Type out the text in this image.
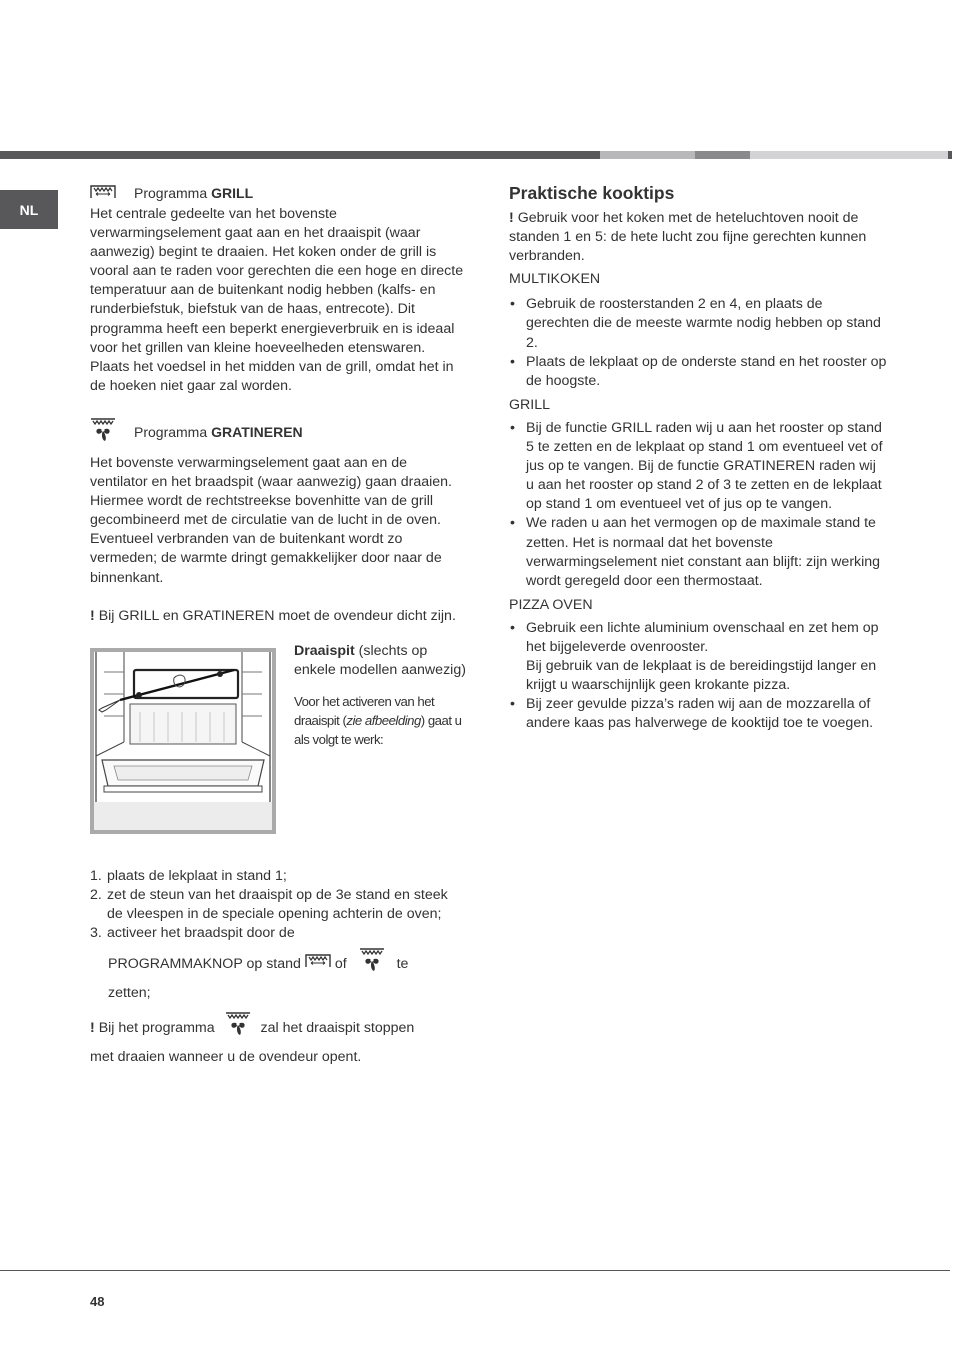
NL
Programma GRILL

Het centrale gedeelte van het bovenste verwarmingselement gaat aan en het draaispit (waar aanwezig) begint te draaien. Het koken onder de grill is vooral aan te raden voor gerechten die een hoge en directe temperatuur aan de buitenkant nodig hebben (kalfs- en runderbiefstuk, biefstuk van de haas, entrecote). Dit programma heeft een beperkt energieverbruik en is ideaal voor het grillen van kleine hoeveelheden etenswaren. Plaats het voedsel in het midden van de grill, omdat het in de hoeken niet gaar zal worden.

Programma GRATINEREN

Het bovenste verwarmingselement gaat aan en de ventilator en het braadspit (waar aanwezig) gaan draaien. Hiermee wordt de rechtstreekse bovenhitte van de grill gecombineerd met de circulatie van de lucht in de oven. Eventueel verbranden van de buitenkant wordt zo vermeden; de warmte dringt gemakkelijker door naar de binnenkant.

! Bij GRILL en GRATINEREN moet de ovendeur dicht zijn.

Draaispit (slechts op enkele modellen aanwezig)

Voor het activeren van het draaispit (zie afbeelding) gaat u als volgt te werk:

1. plaats de lekplaat in stand 1;
2. zet de steun van het draaispit op de 3e stand en steek de vleespen in de speciale opening achterin de oven;
3. activeer het braadspit door de
PROGRAMMAKNOP op stand of	te
zetten;
! Bij het programma	zal het draaispit stoppen
met draaien wanneer u de ovendeur opent.
Praktische kooktips

! Gebruik voor het koken met de heteluchtoven nooit de standen 1 en 5: de hete lucht zou fijne gerechten kunnen verbranden.

MULTIKOKEN

• Gebruik de roosterstanden 2 en 4, en plaats de gerechten die de meeste warmte nodig hebben op stand 2.
• Plaats de lekplaat op de onderste stand en het rooster op de hoogste.

GRILL

• Bij de functie GRILL raden wij u aan het rooster op stand 5 te zetten en de lekplaat op stand 1 om eventueel vet of jus op te vangen. Bij de functie GRATINEREN raden wij u aan het rooster op stand 2 of 3 te zetten en de lekplaat op stand 1 om eventueel vet of jus op te vangen.
• We raden u aan het vermogen op de maximale stand te zetten. Het is normaal dat het bovenste verwarmingselement niet constant aan blijft: zijn werking wordt geregeld door een thermostaat.

PIZZA OVEN

• Gebruik een lichte aluminium ovenschaal en zet hem op het bijgeleverde ovenrooster.
Bij gebruik van de lekplaat is de bereidingstijd langer en krijgt u waarschijnlijk geen krokante pizza.
• Bij zeer gevulde pizza’s raden wij aan de mozzarella of andere kaas pas halverwege de kooktijd toe te voegen.
48
